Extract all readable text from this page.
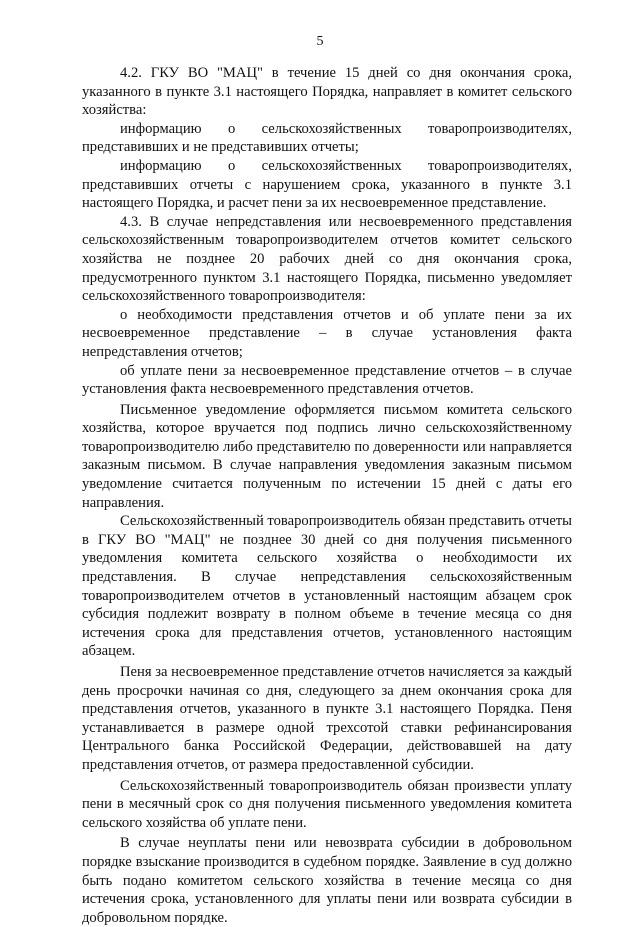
5

4.2. ГКУ ВО "МАЦ" в течение 15 дней со дня окончания срока, указанного в пункте 3.1 настоящего Порядка, направляет в комитет сельского хозяйства:

информацию о сельскохозяйственных товаропроизводителях, представивших и не представивших отчеты;

информацию о сельскохозяйственных товаропроизводителях, представивших отчеты с нарушением срока, указанного в пункте 3.1 настоящего Порядка, и расчет пени за их несвоевременное представление.

4.3. В случае непредставления или несвоевременного представления сельскохозяйственным товаропроизводителем отчетов комитет сельского хозяйства не позднее 20 рабочих дней со дня окончания срока, предусмотренного пунктом 3.1 настоящего Порядка, письменно уведомляет сельскохозяйственного товаропроизводителя:

о необходимости представления отчетов и об уплате пени за их несвоевременное представление – в случае установления факта непредставления отчетов;

об уплате пени за несвоевременное представление отчетов – в случае установления факта несвоевременного представления отчетов.

Письменное уведомление оформляется письмом комитета сельского хозяйства, которое вручается под подпись лично сельскохозяйственному товаропроизводителю либо представителю по доверенности или направляется заказным письмом. В случае направления уведомления заказным письмом уведомление считается полученным по истечении 15 дней с даты его направления.

Сельскохозяйственный товаропроизводитель обязан представить отчеты в ГКУ ВО "МАЦ" не позднее 30 дней со дня получения письменного уведомления комитета сельского хозяйства о необходимости их представления. В случае непредставления сельскохозяйственным товаропроизводителем отчетов в установленный настоящим абзацем срок субсидия подлежит возврату в полном объеме в течение месяца со дня истечения срока для представления отчетов, установленного настоящим абзацем.

Пеня за несвоевременное представление отчетов начисляется за каждый день просрочки начиная со дня, следующего за днем окончания срока для представления отчетов, указанного в пункте 3.1 настоящего Порядка. Пеня устанавливается в размере одной трехсотой ставки рефинансирования Центрального банка Российской Федерации, действовавшей на дату представления отчетов, от размера предоставленной субсидии.

Сельскохозяйственный товаропроизводитель обязан произвести уплату пени в месячный срок со дня получения письменного уведомления комитета сельского хозяйства об уплате пени.

В случае неуплаты пени или невозврата субсидии в добровольном порядке взыскание производится в судебном порядке. Заявление в суд должно быть подано комитетом сельского хозяйства в течение месяца со дня истечения срока, установленного для уплаты пени или возврата субсидии в добровольном порядке.
